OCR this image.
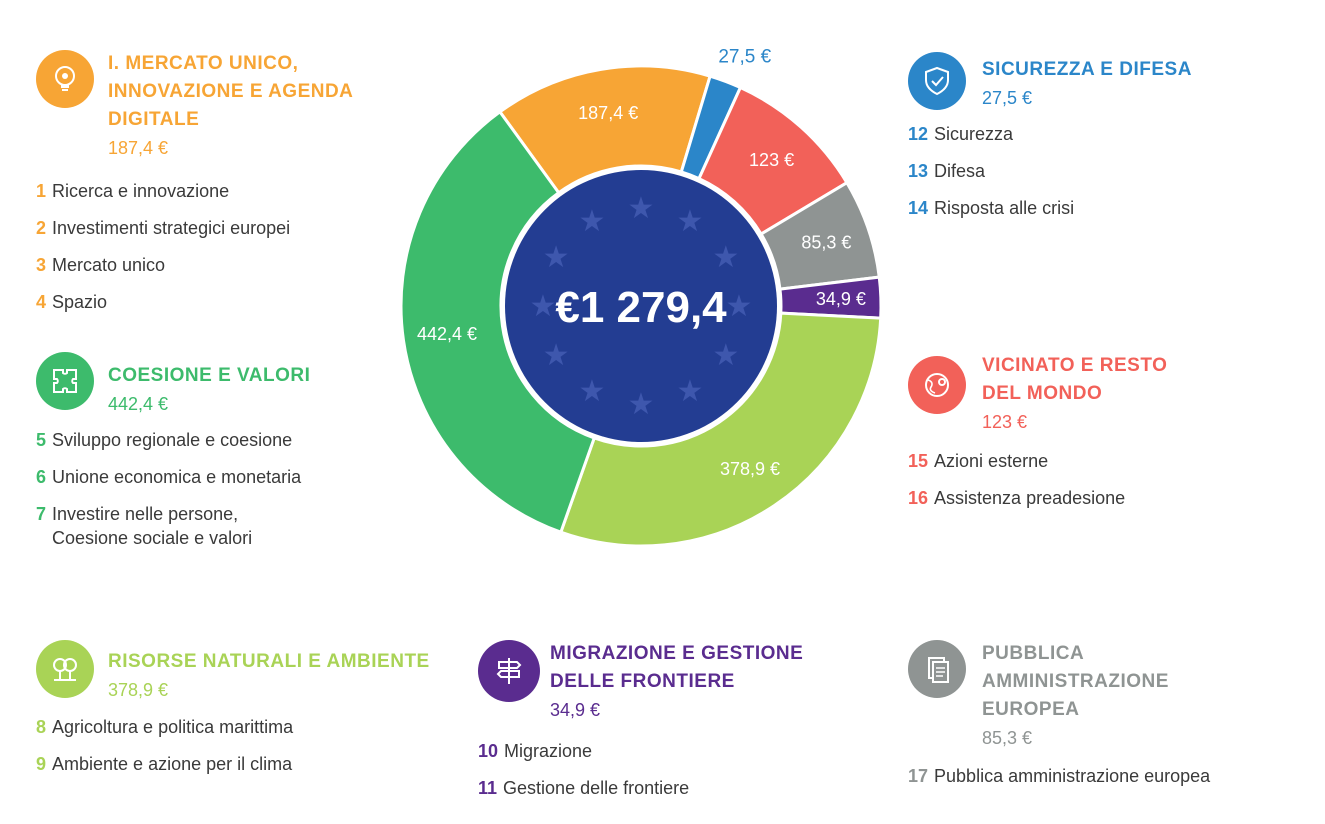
187,4 €
27,5 €
123 €
85,3 €
34,9 €
378,9 €
442,4 €
★ ★
★
★
★
★
★
★
★
★
★
★
€1 279,4
I. MERCATO UNICO,
INNOVAZIONE E AGENDA
DIGITALE
187,4 €
1 Ricerca e innovazione
2 Investimenti strategici europei
3 Mercato unico
4 Spazio
COESIONE E VALORI
442,4 €
5 Sviluppo regionale e coesione
6 Unione economica e monetaria
7 Investire nelle persone,
Coesione sociale e valori
RISORSE NATURALI E AMBIENTE
378,9 €
8 Agricoltura e politica marittima
9 Ambiente e azione per il clima
MIGRAZIONE E GESTIONE
DELLE FRONTIERE
34,9 €
10 Migrazione
11 Gestione delle frontiere
SICUREZZA E DIFESA
27,5 €
12 Sicurezza
13 Difesa
14 Risposta alle crisi
VICINATO E RESTO
DEL MONDO
123 €
15 Azioni esterne
16 Assistenza preadesione
PUBBLICA
AMMINISTRAZIONE
EUROPEA
85,3 €
17 Pubblica amministrazione europea
